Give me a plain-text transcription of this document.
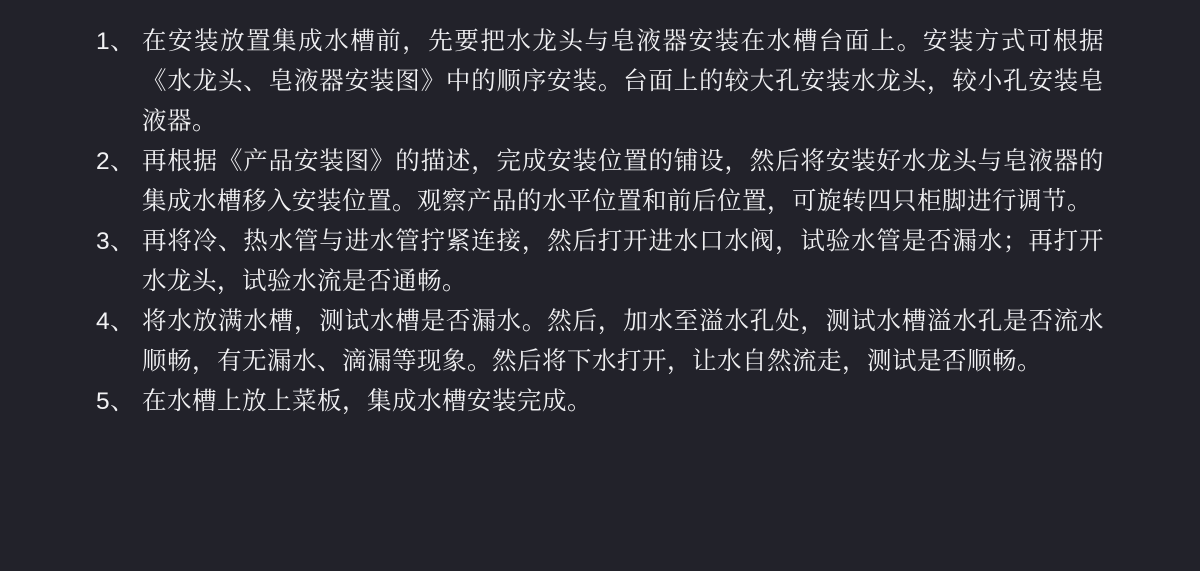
1、 在安装放置集成水槽前，先要把水龙头与皂液器安装在水槽台面上。安装方式可根据《水龙头、皂液器安装图》中的顺序安装。台面上的较大孔安装水龙头，较小孔安装皂液器。
2、 再根据《产品安装图》的描述，完成安装位置的铺设，然后将安装好水龙头与皂液器的集成水槽移入安装位置。观察产品的水平位置和前后位置，可旋转四只柜脚进行调节。
3、 再将冷、热水管与进水管拧紧连接，然后打开进水口水阀，试验水管是否漏水；再打开水龙头，试验水流是否通畅。
4、 将水放满水槽，测试水槽是否漏水。然后，加水至溢水孔处，测试水槽溢水孔是否流水顺畅，有无漏水、滴漏等现象。然后将下水打开，让水自然流走，测试是否顺畅。
5、 在水槽上放上菜板，集成水槽安装完成。
